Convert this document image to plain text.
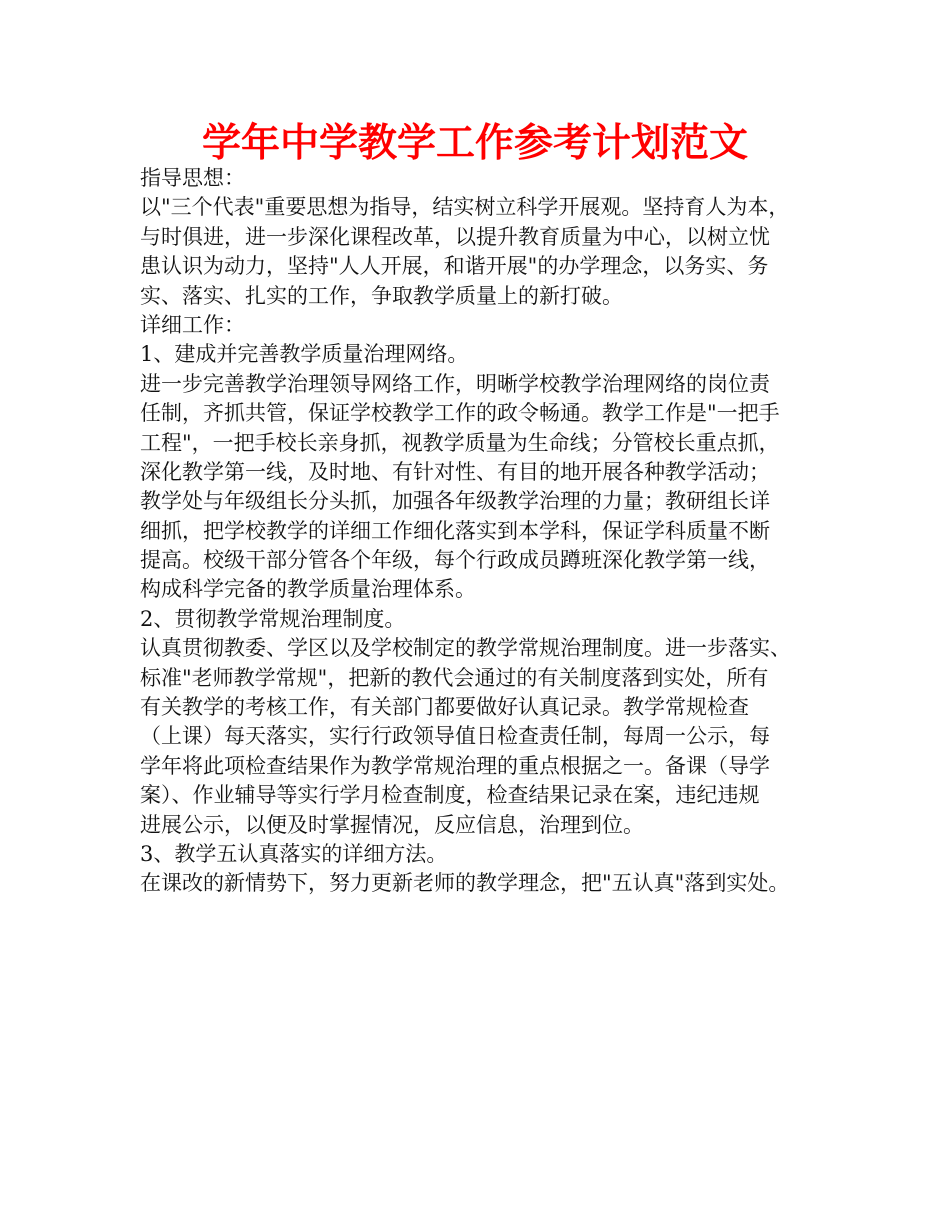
学年中学教学工作参考计划范文
指导思想：
以"三个代表"重要思想为指导，结实树立科学开展观。坚持育人为本，
与时俱进，进一步深化课程改革，以提升教育质量为中心，以树立忧
患认识为动力，坚持"人人开展，和谐开展"的办学理念，以务实、务
实、落实、扎实的工作，争取教学质量上的新打破。
详细工作：
1、建成并完善教学质量治理网络。
进一步完善教学治理领导网络工作，明晰学校教学治理网络的岗位责
任制，齐抓共管，保证学校教学工作的政令畅通。教学工作是"一把手
工程"，一把手校长亲身抓，视教学质量为生命线；分管校长重点抓，
深化教学第一线，及时地、有针对性、有目的地开展各种教学活动；
教学处与年级组长分头抓，加强各年级教学治理的力量；教研组长详
细抓，把学校教学的详细工作细化落实到本学科，保证学科质量不断
提高。校级干部分管各个年级，每个行政成员蹲班深化教学第一线，
构成科学完备的教学质量治理体系。
2、贯彻教学常规治理制度。
认真贯彻教委、学区以及学校制定的教学常规治理制度。进一步落实、
标准"老师教学常规"，把新的教代会通过的有关制度落到实处，所有
有关教学的考核工作，有关部门都要做好认真记录。教学常规检查
（上课）每天落实，实行行政领导值日检查责任制，每周一公示，每
学年将此项检查结果作为教学常规治理的重点根据之一。备课（导学
案）、作业辅导等实行学月检查制度，检查结果记录在案，违纪违规
进展公示，以便及时掌握情况，反应信息，治理到位。
3、教学五认真落实的详细方法。
在课改的新情势下，努力更新老师的教学理念，把"五认真"落到实处。
